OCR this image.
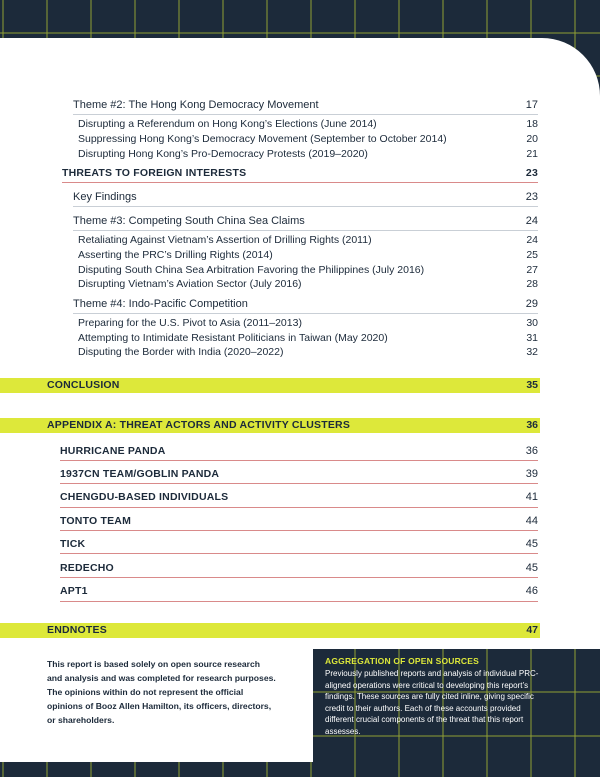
Theme #2: The Hong Kong Democracy Movement	17
Disrupting a Referendum on Hong Kong’s Elections (June 2014)	18
Suppressing Hong Kong’s Democracy Movement (September to October 2014)	20
Disrupting Hong Kong’s Pro-Democracy Protests (2019–2020)	21
THREATS TO FOREIGN INTERESTS	23
Key Findings	23
Theme #3: Competing South China Sea Claims	24
Retaliating Against Vietnam’s Assertion of Drilling Rights (2011)	24
Asserting the PRC’s Drilling Rights (2014)	25
Disputing South China Sea Arbitration Favoring the Philippines (July 2016)	27
Disrupting Vietnam’s Aviation Sector (July 2016)	28
Theme #4: Indo-Pacific Competition	29
Preparing for the U.S. Pivot to Asia (2011–2013)	30
Attempting to Intimidate Resistant Politicians in Taiwan (May 2020)	31
Disputing the Border with India (2020–2022)	32
CONCLUSION	35
APPENDIX A: THREAT ACTORS AND ACTIVITY CLUSTERS	36
HURRICANE PANDA	36
1937CN TEAM/GOBLIN PANDA	39
CHENGDU-BASED INDIVIDUALS	41
TONTO TEAM	44
TICK	45
REDECHO	45
APT1	46
ENDNOTES	47
This report is based solely on open source research and analysis and was completed for research purposes. The opinions within do not represent the official opinions of Booz Allen Hamilton, its officers, directors, or shareholders.
AGGREGATION OF OPEN SOURCES
Previously published reports and analysis of individual PRC-aligned operations were critical to developing this report’s findings. These sources are fully cited inline, giving specific credit to their authors. Each of these accounts provided different crucial components of the threat that this report assesses.
